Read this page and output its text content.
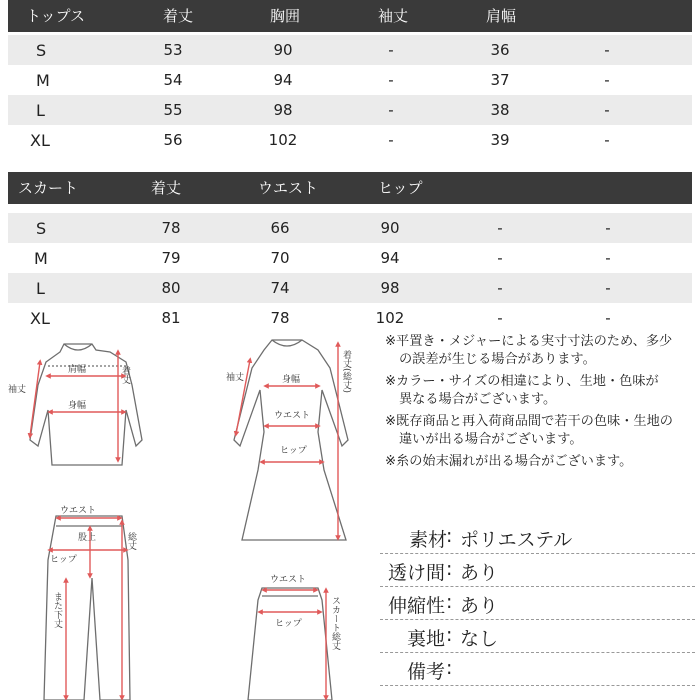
トップス	着丈	胸囲	袖丈	肩幅
S	53	90	-	36	-
M	54	94	-	37	-
L	55	98	-	38	-
XL	56	102	-	39	-
スカート	着丈	ウエスト	ヒップ
S	78	66	90	-	-
M	79	70	94	-	-
L	80	74	98	-	-
XL	81	78	102	-	-
肩幅
身幅
袖丈
着丈	袖丈	身幅
ウエスト
ヒップ
着丈(総丈)
ウエスト
股上
ヒップ
また下丈
総丈
ウエスト
ヒップ	スカート総丈
※平置き・メジャーによる実寸寸法のため、多少
の誤差が生じる場合があります。
※カラー・サイズの相違により、生地・色味が
異なる場合がございます。
※既存商品と再入荷商品間で若干の色味・生地の
違いが出る場合がございます。
※糸の始末漏れが出る場合がございます。
素材 : ポリエステル
透け間 : あり
伸縮性 : あり
裏地 : なし
備考 :
